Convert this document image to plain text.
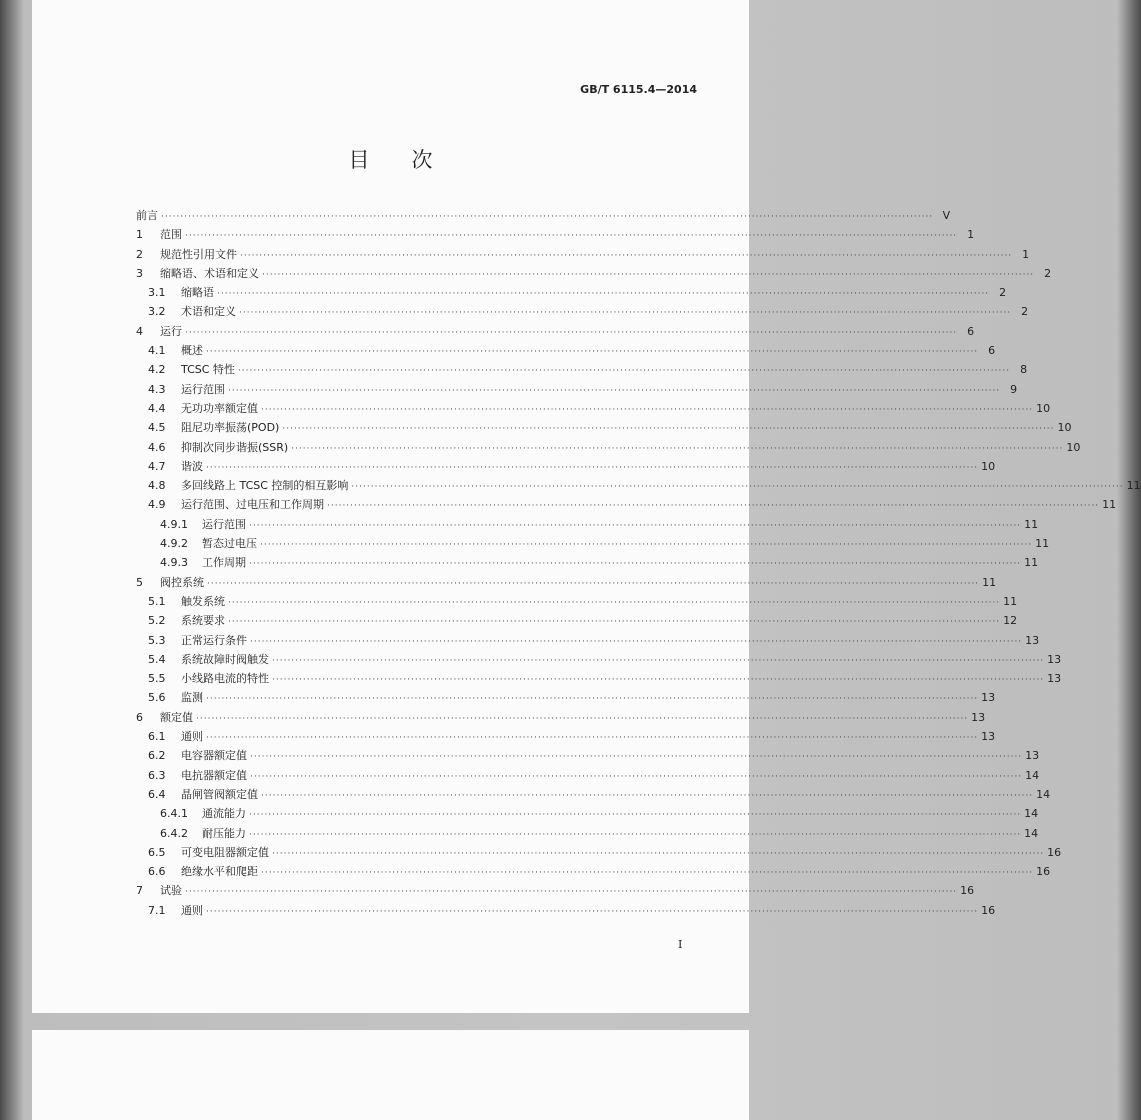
GB/T 6115.4—2014
目次
前言 ········································································································································································································ V
1	范围 ········································································································································································································ 1
2	规范性引用文件 ········································································································································································································ 1
3	缩略语、术语和定义 ········································································································································································································ 2
3.1	缩略语 ········································································································································································································ 2
3.2	术语和定义 ········································································································································································································ 2
4	运行 ········································································································································································································ 6
4.1	概述 ········································································································································································································ 6
4.2	TCSC 特性 ········································································································································································································ 8
4.3	运行范围 ········································································································································································································ 9
4.4	无功功率额定值 ········································································································································································································ 10
4.5	阻尼功率振荡(POD) ········································································································································································································ 10
4.6	抑制次同步谐振(SSR) ········································································································································································································ 10
4.7	谐波 ········································································································································································································ 10
4.8	多回线路上 TCSC 控制的相互影响 ········································································································································································································ 11
4.9	运行范围、过电压和工作周期 ········································································································································································································ 11
4.9.1	运行范围 ········································································································································································································ 11
4.9.2	暂态过电压 ········································································································································································································ 11
4.9.3	工作周期 ········································································································································································································ 11
5	阀控系统 ········································································································································································································ 11
5.1	触发系统 ········································································································································································································ 11
5.2	系统要求 ········································································································································································································ 12
5.3	正常运行条件 ········································································································································································································ 13
5.4	系统故障时阀触发 ········································································································································································································ 13
5.5	小线路电流的特性 ········································································································································································································ 13
5.6	监测 ········································································································································································································ 13
6	额定值 ········································································································································································································ 13
6.1	通则 ········································································································································································································ 13
6.2	电容器额定值 ········································································································································································································ 13
6.3	电抗器额定值 ········································································································································································································ 14
6.4	晶闸管阀额定值 ········································································································································································································ 14
6.4.1	通流能力 ········································································································································································································ 14
6.4.2	耐压能力 ········································································································································································································ 14
6.5	可变电阻器额定值 ········································································································································································································ 16
6.6	绝缘水平和爬距 ········································································································································································································ 16
7	试验 ········································································································································································································ 16
7.1	通则 ········································································································································································································ 16
I
